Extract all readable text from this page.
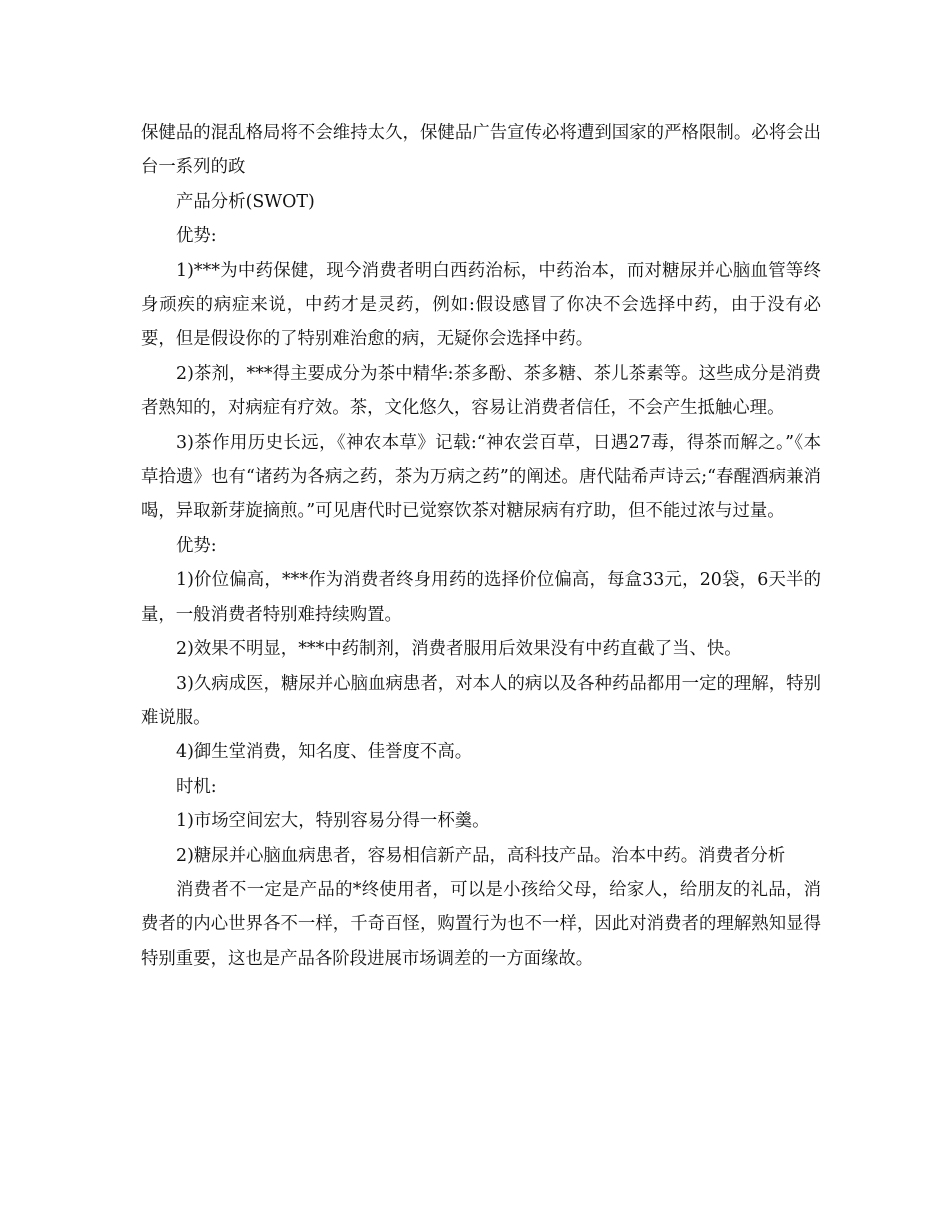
保健品的混乱格局将不会维持太久，保健品广告宣传必将遭到国家的严格限制。必将会出台一系列的政

产品分析(SWOT)

优势:

1)***为中药保健，现今消费者明白西药治标，中药治本，而对糖尿并心脑血管等终身顽疾的病症来说，中药才是灵药，例如:假设感冒了你决不会选择中药，由于没有必要，但是假设你的了特别难治愈的病，无疑你会选择中药。

2)茶剂，***得主要成分为茶中精华:茶多酚、茶多糖、茶儿茶素等。这些成分是消费者熟知的，对病症有疗效。茶，文化悠久，容易让消费者信任，不会产生抵触心理。

3)茶作用历史长远，《神农本草》记载:“神农尝百草，日遇27毒，得茶而解之。”《本草拾遗》也有“诸药为各病之药，茶为万病之药”的阐述。唐代陆希声诗云;“春醒酒病兼消喝，异取新芽旋摘煎。”可见唐代时已觉察饮茶对糖尿病有疗助，但不能过浓与过量。

优势:

1)价位偏高，***作为消费者终身用药的选择价位偏高，每盒33元，20袋，6天半的量，一般消费者特别难持续购置。

2)效果不明显，***中药制剂，消费者服用后效果没有中药直截了当、快。

3)久病成医，糖尿并心脑血病患者，对本人的病以及各种药品都用一定的理解，特别难说服。

4)御生堂消费，知名度、佳誉度不高。

时机:

1)市场空间宏大，特别容易分得一杯羹。

2)糖尿并心脑血病患者，容易相信新产品，高科技产品。治本中药。消费者分析

消费者不一定是产品的*终使用者，可以是小孩给父母，给家人，给朋友的礼品，消费者的内心世界各不一样，千奇百怪，购置行为也不一样，因此对消费者的理解熟知显得特别重要，这也是产品各阶段进展市场调差的一方面缘故。
